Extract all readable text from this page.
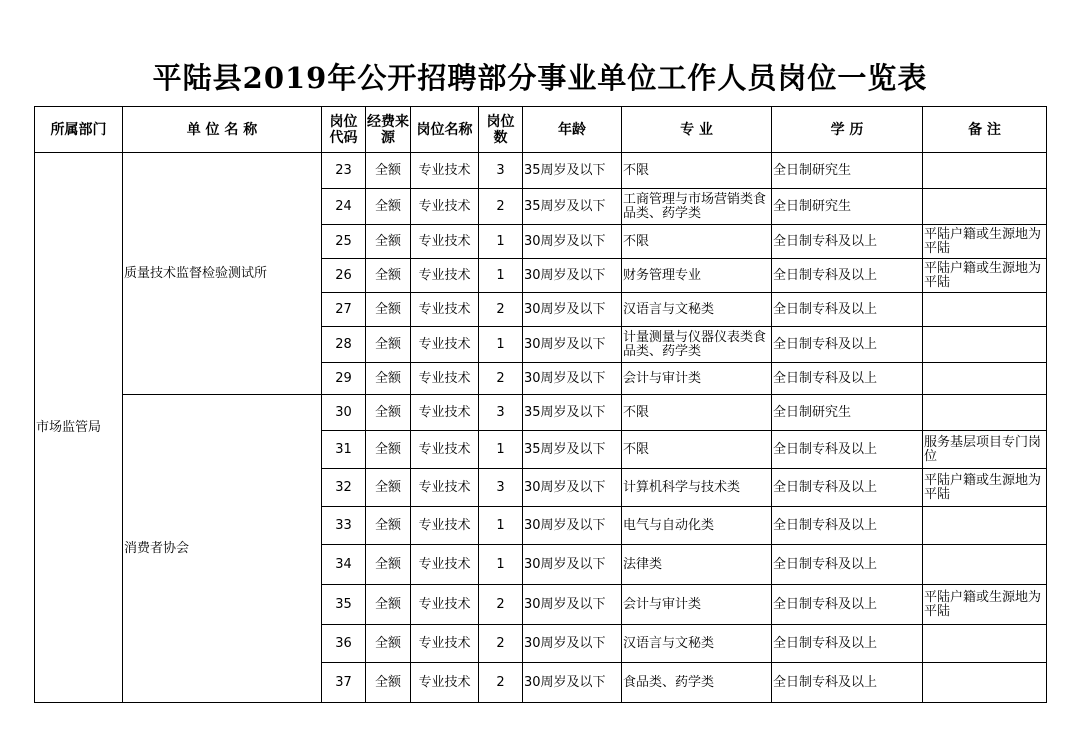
平陆县2019年公开招聘部分事业单位工作人员岗位一览表
所属部门	单 位 名 称	岗位代码	经费来源	岗位名称	岗位数	年龄	专 业	学 历	备 注
市场监管局	质量技术监督检验测试所	23	全额	专业技术	3	35周岁及以下	不限	全日制研究生	
		24	全额	专业技术	2	35周岁及以下	工商管理与市场营销类食品类、药学类	全日制研究生	
		25	全额	专业技术	1	30周岁及以下	不限	全日制专科及以上	平陆户籍或生源地为平陆
		26	全额	专业技术	1	30周岁及以下	财务管理专业	全日制专科及以上	平陆户籍或生源地为平陆
		27	全额	专业技术	2	30周岁及以下	汉语言与文秘类	全日制专科及以上	
		28	全额	专业技术	1	30周岁及以下	计量测量与仪器仪表类食品类、药学类	全日制专科及以上	
		29	全额	专业技术	2	30周岁及以下	会计与审计类	全日制专科及以上	
	消费者协会	30	全额	专业技术	3	35周岁及以下	不限	全日制研究生	
		31	全额	专业技术	1	35周岁及以下	不限	全日制专科及以上	服务基层项目专门岗位
		32	全额	专业技术	3	30周岁及以下	计算机科学与技术类	全日制专科及以上	平陆户籍或生源地为平陆
		33	全额	专业技术	1	30周岁及以下	电气与自动化类	全日制专科及以上	
		34	全额	专业技术	1	30周岁及以下	法律类	全日制专科及以上	
		35	全额	专业技术	2	30周岁及以下	会计与审计类	全日制专科及以上	平陆户籍或生源地为平陆
		36	全额	专业技术	2	30周岁及以下	汉语言与文秘类	全日制专科及以上	
		37	全额	专业技术	2	30周岁及以下	食品类、药学类	全日制专科及以上	
